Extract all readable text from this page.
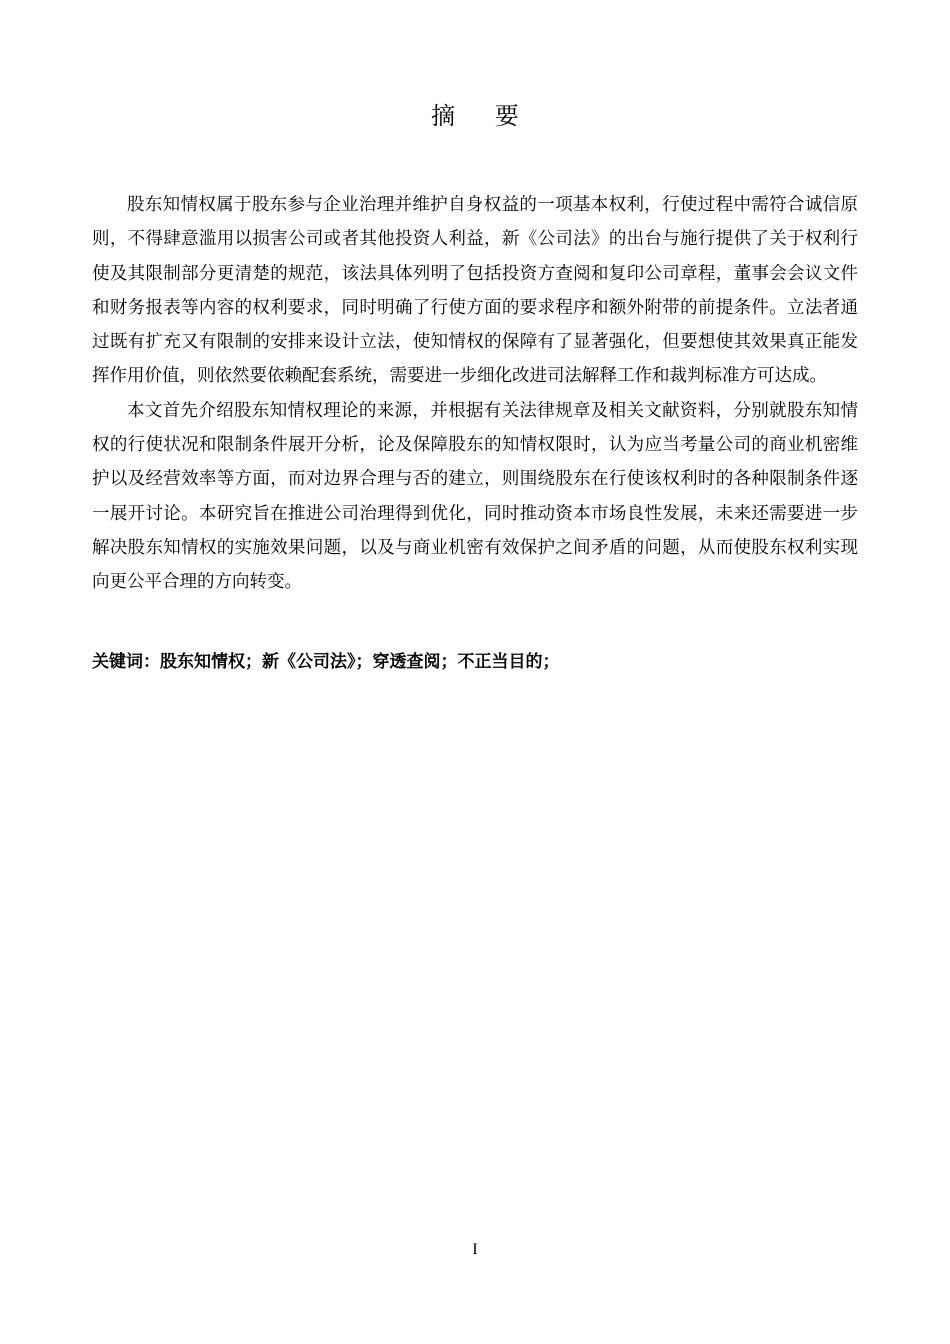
摘 要

股东知情权属于股东参与企业治理并维护自身权益的一项基本权利，行使过程中需符合诚信原则，不得肆意滥用以损害公司或者其他投资人利益，新《公司法》的出台与施行提供了关于权利行使及其限制部分更清楚的规范，该法具体列明了包括投资方查阅和复印公司章程，董事会会议文件和财务报表等内容的权利要求，同时明确了行使方面的要求程序和额外附带的前提条件。立法者通过既有扩充又有限制的安排来设计立法，使知情权的保障有了显著强化，但要想使其效果真正能发挥作用价值，则依然要依赖配套系统，需要进一步细化改进司法解释工作和裁判标准方可达成。

本文首先介绍股东知情权理论的来源，并根据有关法律规章及相关文献资料，分别就股东知情权的行使状况和限制条件展开分析，论及保障股东的知情权限时，认为应当考量公司的商业机密维护以及经营效率等方面，而对边界合理与否的建立，则围绕股东在行使该权利时的各种限制条件逐一展开讨论。本研究旨在推进公司治理得到优化，同时推动资本市场良性发展，未来还需要进一步解决股东知情权的实施效果问题，以及与商业机密有效保护之间矛盾的问题，从而使股东权利实现向更公平合理的方向转变。

关键词：股东知情权；新《公司法》；穿透查阅；不正当目的；
I
